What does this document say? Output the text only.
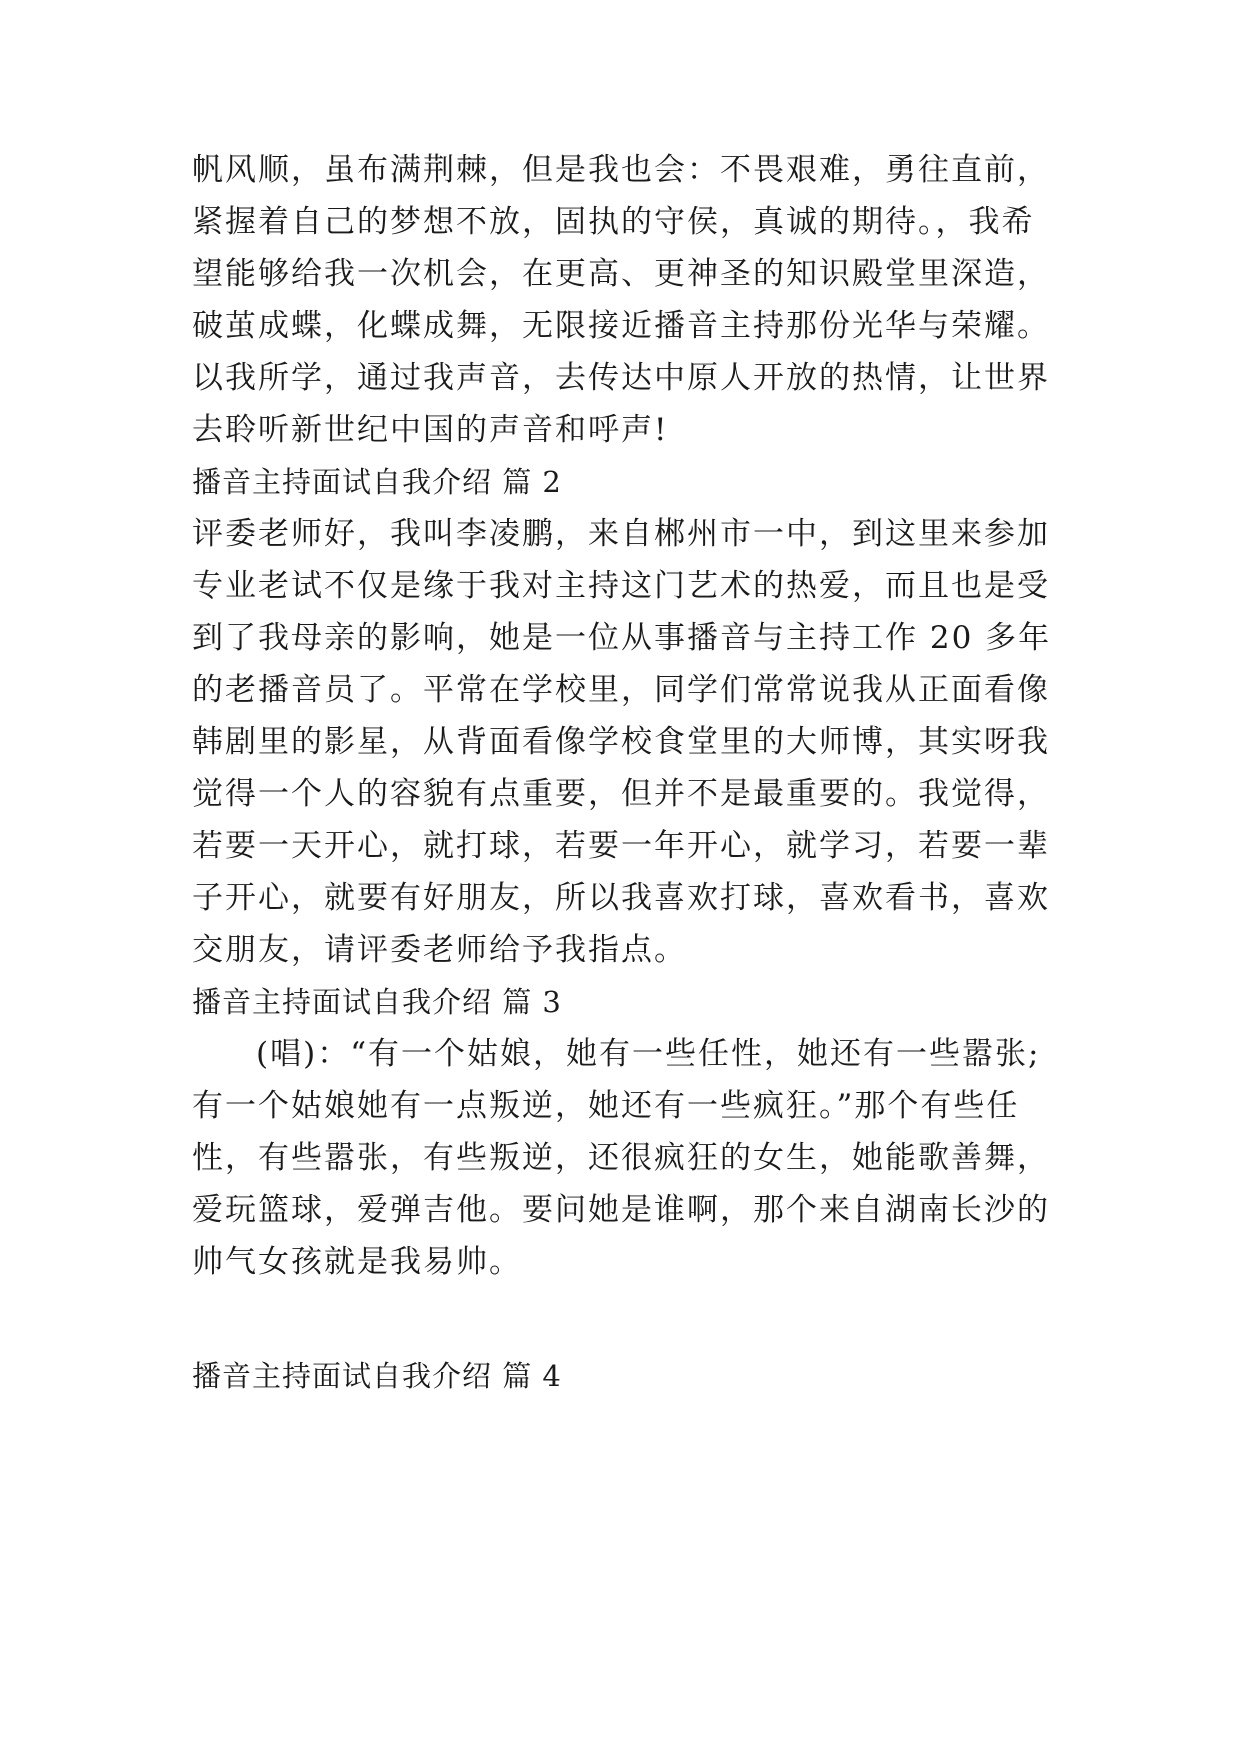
帆风顺，虽布满荆棘，但是我也会：不畏艰难，勇往直前，
紧握着自己的梦想不放，固执的守侯，真诚的期待。，我希
望能够给我一次机会，在更高、更神圣的知识殿堂里深造，
破茧成蝶，化蝶成舞，无限接近播音主持那份光华与荣耀。
以我所学，通过我声音，去传达中原人开放的热情，让世界
去聆听新世纪中国的声音和呼声!
播音主持面试自我介绍 篇 2
评委老师好，我叫李凌鹏，来自郴州市一中，到这里来参加
专业老试不仅是缘于我对主持这门艺术的热爱，而且也是受
到了我母亲的影响，她是一位从事播音与主持工作 20 多年
的老播音员了。平常在学校里，同学们常常说我从正面看像
韩剧里的影星，从背面看像学校食堂里的大师博，其实呀我
觉得一个人的容貌有点重要，但并不是最重要的。我觉得，
若要一天开心，就打球，若要一年开心，就学习，若要一辈
子开心，就要有好朋友，所以我喜欢打球，喜欢看书，喜欢
交朋友，请评委老师给予我指点。
播音主持面试自我介绍 篇 3
(唱)：“有一个姑娘，她有一些任性，她还有一些嚣张;
有一个姑娘她有一点叛逆，她还有一些疯狂。”那个有些任
性，有些嚣张，有些叛逆，还很疯狂的女生，她能歌善舞，
爱玩篮球，爱弹吉他。要问她是谁啊，那个来自湖南长沙的
帅气女孩就是我易帅。
播音主持面试自我介绍 篇 4
